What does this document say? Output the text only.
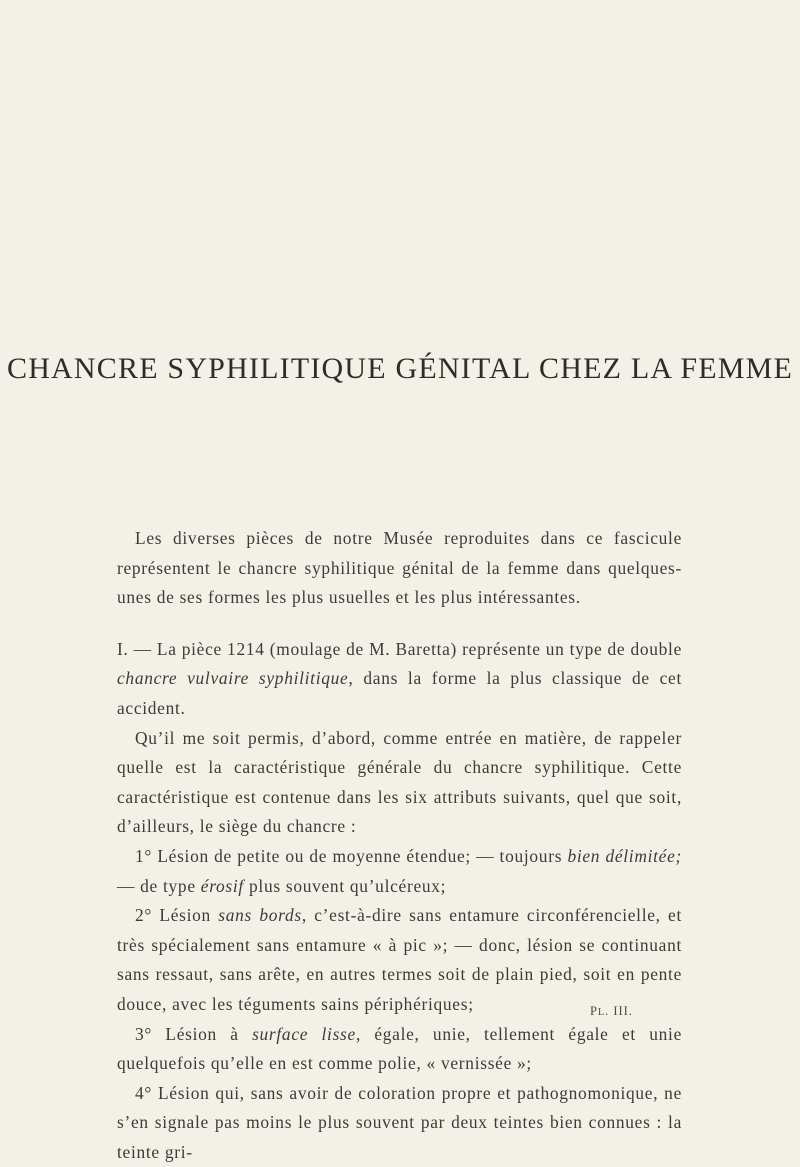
CHANCRE SYPHILITIQUE GÉNITAL CHEZ LA FEMME

Les diverses pièces de notre Musée reproduites dans ce fascicule représentent le chancre syphilitique génital de la femme dans quelques-unes de ses formes les plus usuelles et les plus intéressantes.

I. — La pièce 1214 (moulage de M. Baretta) représente un type de double chancre vulvaire syphilitique, dans la forme la plus classique de cet accident.

Qu’il me soit permis, d’abord, comme entrée en matière, de rappeler quelle est la caractéristique générale du chancre syphilitique. Cette caractéristique est contenue dans les six attributs suivants, quel que soit, d’ailleurs, le siège du chancre :

1° Lésion de petite ou de moyenne étendue; — toujours bien délimitée; — de type érosif plus souvent qu’ulcéreux;

2° Lésion sans bords, c’est-à-dire sans entamure circonférencielle, et très spécialement sans entamure « à pic »; — donc, lésion se continuant sans ressaut, sans arête, en autres termes soit de plain pied, soit en pente douce, avec les téguments sains périphériques;

3° Lésion à surface lisse, égale, unie, tellement égale et unie quelquefois qu’elle en est comme polie, « vernissée »;

4° Lésion qui, sans avoir de coloration propre et pathognomonique, ne s’en signale pas moins le plus souvent par deux teintes bien connues : la teinte gri-

PL. III.
